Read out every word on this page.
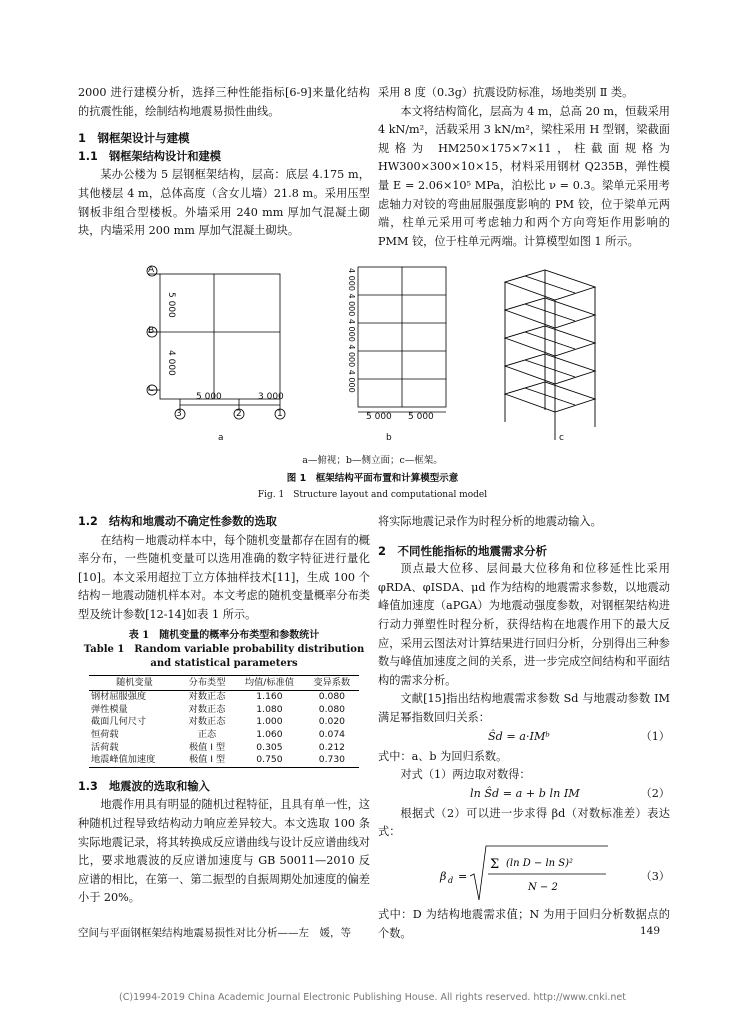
2000 进行建模分析，选择三种性能指标[6-9]来量化结构的抗震性能，绘制结构地震易损性曲线。

1　钢框架设计与建模

1.1　钢框架结构设计和建模

某办公楼为 5 层钢框架结构，层高：底层 4.175 m，其他楼层 4 m，总体高度（含女儿墙）21.8 m。采用压型钢板非组合型楼板。外墙采用 240 mm 厚加气混凝土砌块，内墙采用 200 mm 厚加气混凝土砌块。

采用 8 度（0.3g）抗震设防标准，场地类别 Ⅱ 类。

本文将结构简化，层高为 4 m，总高 20 m，恒载采用 4 kN/m²，活载采用 3 kN/m²，梁柱采用 H 型钢，梁截面规格为 HM250×175×7×11，柱截面规格为 HW300×300×10×15，材料采用钢材 Q235B，弹性模量 E = 2.06×10⁵ MPa，泊松比 ν = 0.3。梁单元采用考虑轴力对铰的弯曲屈服强度影响的 PM 铰，位于梁单元两端，柱单元采用可考虑轴力和两个方向弯矩作用影响的 PMM 铰，位于柱单元两端。计算模型如图 1 所示。

A
B
C
3	2	1
5 000
4 000
5 000	3 000
4 000 4 000 4 000 4 000 4 000
5 000 5 000
a	b	c
a—俯视；b—侧立面；c—框架。
图 1　框架结构平面布置和计算模型示意
Fig. 1　Structure layout and computational model

1.2　结构和地震动不确定性参数的选取

在结构－地震动样本中，每个随机变量都存在固有的概率分布，一些随机变量可以选用准确的数字特征进行量化[10]。本文采用超拉丁立方体抽样技术[11]，生成 100 个结构－地震动随机样本对。本文考虑的随机变量概率分布类型及统计参数[12-14]如表 1 所示。

表 1　随机变量的概率分布类型和参数统计
Table 1　Random variable probability distribution
and statistical parameters
随机变量	分布类型	均值/标准值	变异系数
钢材屈服强度	对数正态	1.160	0.080
弹性模量	对数正态	1.080	0.080
截面几何尺寸	对数正态	1.000	0.020
恒荷载	正态	1.060	0.074
活荷载	极值 Ⅰ 型	0.305	0.212
地震峰值加速度	极值 Ⅰ 型	0.750	0.730

1.3　地震波的选取和输入

地震作用具有明显的随机过程特征，且具有单一性，这种随机过程导致结构动力响应差异较大。本文选取 100 条实际地震记录，将其转换成反应谱曲线与设计反应谱曲线对比，要求地震波的反应谱加速度与 GB 50011—2010 反应谱的相比，在第一、第二振型的自振周期处加速度的偏差小于 20%。

将实际地震记录作为时程分析的地震动输入。

2　不同性能指标的地震需求分析

顶点最大位移、层间最大位移角和位移延性比采用 φRDA、φISDA、μd 作为结构的地震需求参数，以地震动峰值加速度（aPGA）为地震动强度参数，对钢框架结构进行动力弹塑性时程分析，获得结构在地震作用下的最大反应，采用云图法对计算结果进行回归分析，分别得出三种参数与峰值加速度之间的关系，进一步完成空间结构和平面结构的需求分析。

文献[15]指出结构地震需求参数 Sd 与地震动参数 IM 满足幂指数回归关系：

Ŝd = a·IMᵇ	（1）

式中：a、b 为回归系数。

对式（1）两边取对数得：

ln Ŝd = a + b ln IM	（2）

根据式（2）可以进一步求得 βd（对数标准差）表达式：

β d =
Σ (ln D − ln S)²
N − 2
（3）

式中：D 为结构地震需求值；N 为用于回归分析数据点的个数。

空间与平面钢框架结构地震易损性对比分析——左　媛，等	149
(C)1994-2019 China Academic Journal Electronic Publishing House. All rights reserved. http://www.cnki.net
